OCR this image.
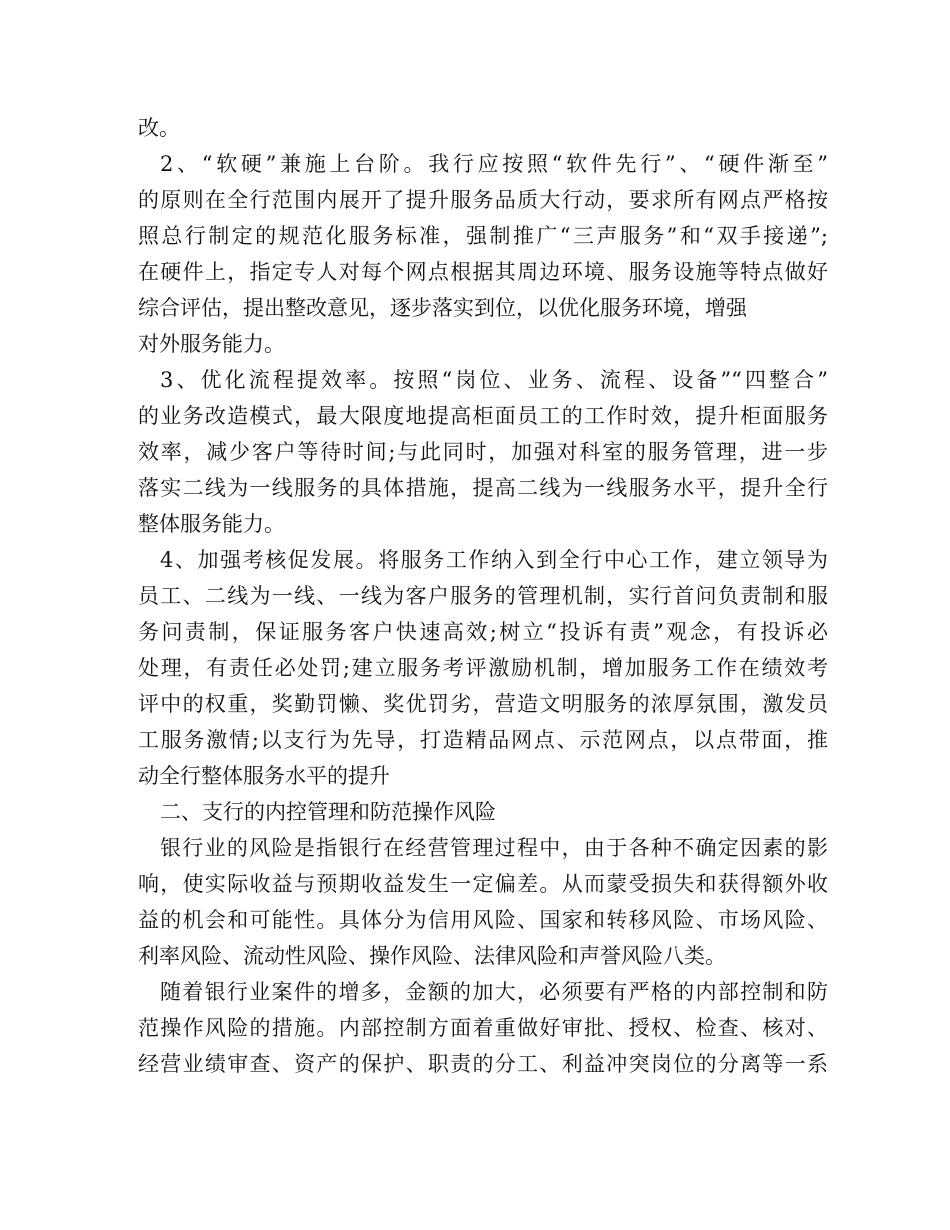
改。
2、“软硬”兼施上台阶。我行应按照“软件先行”、“硬件渐至”
的原则在全行范围内展开了提升服务品质大行动，要求所有网点严格按
照总行制定的规范化服务标准，强制推广“三声服务”和“双手接递”;
在硬件上，指定专人对每个网点根据其周边环境、服务设施等特点做好
综合评估，提出整改意见，逐步落实到位，以优化服务环境，增强
对外服务能力。
3、优化流程提效率。按照“岗位、业务、流程、设备”“四整合”
的业务改造模式，最大限度地提高柜面员工的工作时效，提升柜面服务
效率，减少客户等待时间;与此同时，加强对科室的服务管理，进一步
落实二线为一线服务的具体措施，提高二线为一线服务水平，提升全行
整体服务能力。
4、加强考核促发展。将服务工作纳入到全行中心工作，建立领导为
员工、二线为一线、一线为客户服务的管理机制，实行首问负责制和服
务问责制，保证服务客户快速高效;树立“投诉有责”观念，有投诉必
处理，有责任必处罚;建立服务考评激励机制，增加服务工作在绩效考
评中的权重，奖勤罚懒、奖优罚劣，营造文明服务的浓厚氛围，激发员
工服务激情;以支行为先导，打造精品网点、示范网点，以点带面，推
动全行整体服务水平的提升
二、支行的内控管理和防范操作风险
银行业的风险是指银行在经营管理过程中，由于各种不确定因素的影
响，使实际收益与预期收益发生一定偏差。从而蒙受损失和获得额外收
益的机会和可能性。具体分为信用风险、国家和转移风险、市场风险、
利率风险、流动性风险、操作风险、法律风险和声誉风险八类。
随着银行业案件的增多，金额的加大，必须要有严格的内部控制和防
范操作风险的措施。内部控制方面着重做好审批、授权、检查、核对、
经营业绩审查、资产的保护、职责的分工、利益冲突岗位的分离等一系
